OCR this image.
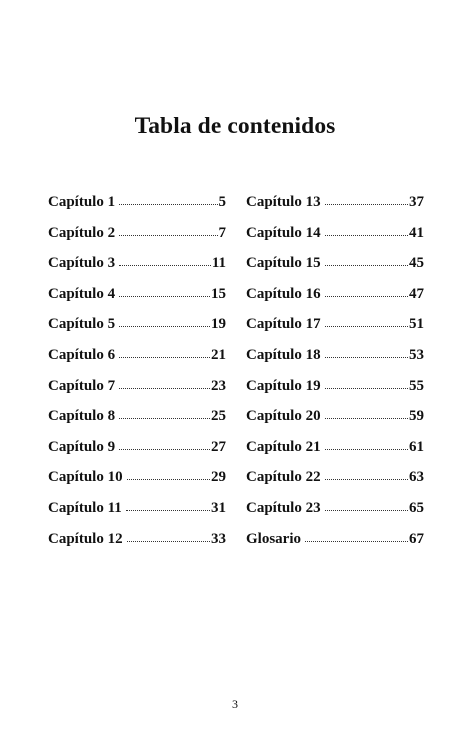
Tabla de contenidos
Capítulo 1	5
Capítulo 2	7
Capítulo 3	11
Capítulo 4	15
Capítulo 5	19
Capítulo 6	21
Capítulo 7	23
Capítulo 8	25
Capítulo 9	27
Capítulo 10	29
Capítulo 11	31
Capítulo 12	33
Capítulo 13	37
Capítulo 14	41
Capítulo 15	45
Capítulo 16	47
Capítulo 17	51
Capítulo 18	53
Capítulo 19	55
Capítulo 20	59
Capítulo 21	61
Capítulo 22	63
Capítulo 23	65
Glosario	67
3
